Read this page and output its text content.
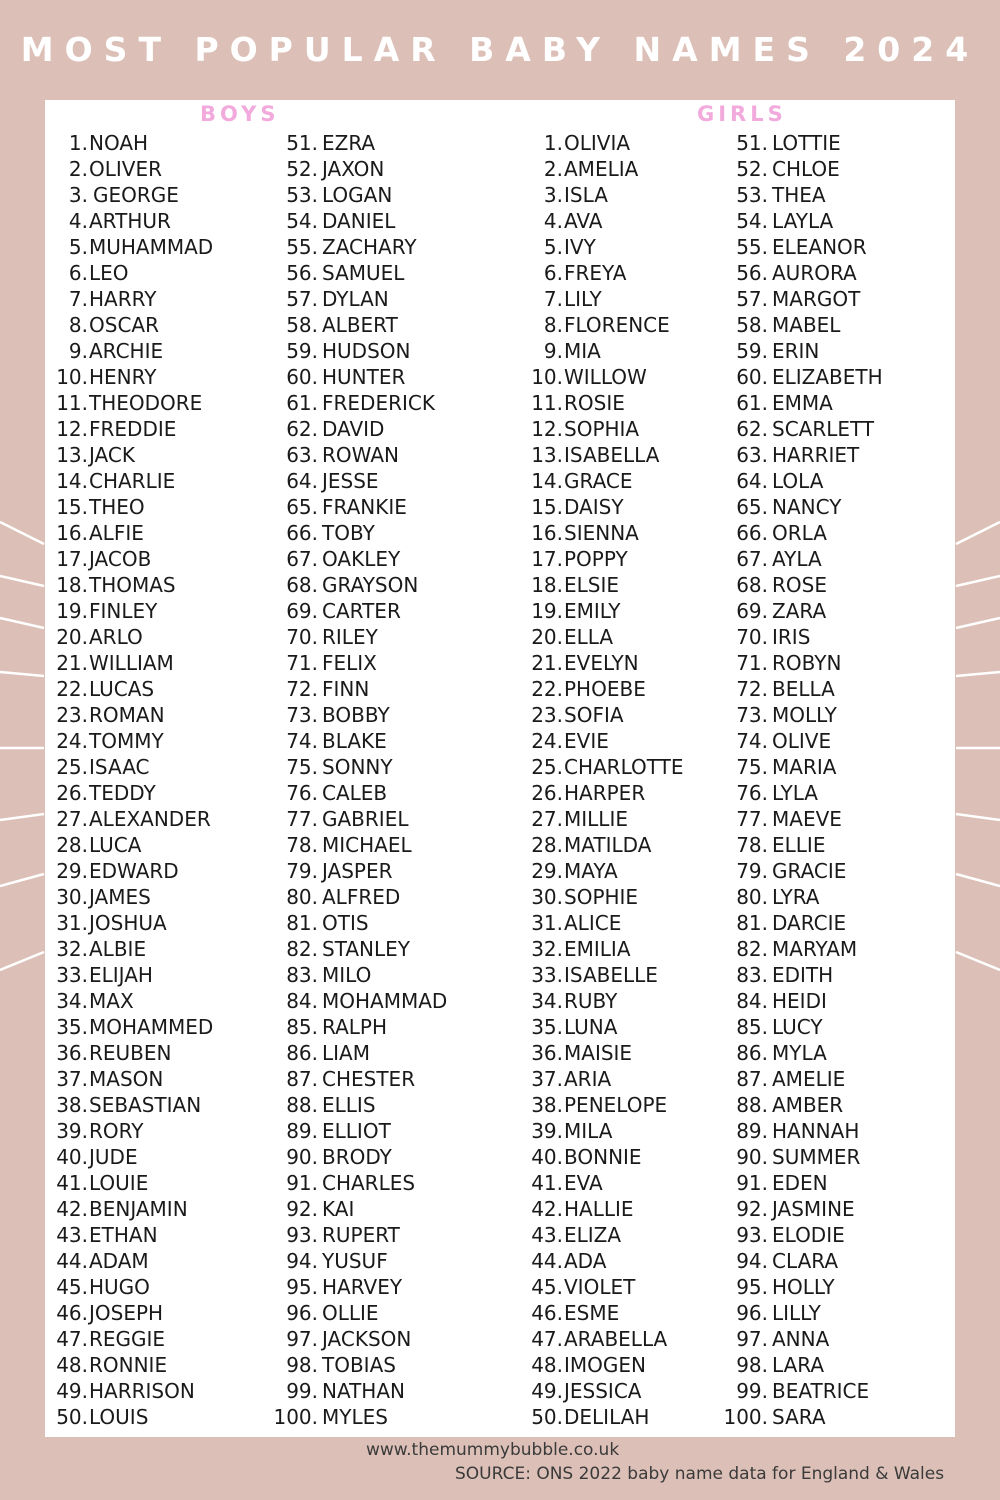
MOST POPULAR BABY NAMES 2024
BOYS	GIRLS
1. NOAH
2. OLIVER
3. GEORGE
4. ARTHUR
5. MUHAMMAD
6. LEO
7. HARRY
8. OSCAR
9. ARCHIE
10. HENRY
11. THEODORE
12. FREDDIE
13. JACK
14. CHARLIE
15. THEO
16. ALFIE
17. JACOB
18. THOMAS
19. FINLEY
20. ARLO
21. WILLIAM
22. LUCAS
23. ROMAN
24. TOMMY
25. ISAAC
26. TEDDY
27. ALEXANDER
28. LUCA
29. EDWARD
30. JAMES
31. JOSHUA
32. ALBIE
33. ELIJAH
34. MAX
35. MOHAMMED
36. REUBEN
37. MASON
38. SEBASTIAN
39. RORY
40. JUDE
41. LOUIE
42. BENJAMIN
43. ETHAN
44. ADAM
45. HUGO
46. JOSEPH
47. REGGIE
48. RONNIE
49. HARRISON
50. LOUIS
51. EZRA
52. JAXON
53. LOGAN
54. DANIEL
55. ZACHARY
56. SAMUEL
57. DYLAN
58. ALBERT
59. HUDSON
60. HUNTER
61. FREDERICK
62. DAVID
63. ROWAN
64. JESSE
65. FRANKIE
66. TOBY
67. OAKLEY
68. GRAYSON
69. CARTER
70. RILEY
71. FELIX
72. FINN
73. BOBBY
74. BLAKE
75. SONNY
76. CALEB
77. GABRIEL
78. MICHAEL
79. JASPER
80. ALFRED
81. OTIS
82. STANLEY
83. MILO
84. MOHAMMAD
85. RALPH
86. LIAM
87. CHESTER
88. ELLIS
89. ELLIOT
90. BRODY
91. CHARLES
92. KAI
93. RUPERT
94. YUSUF
95. HARVEY
96. OLLIE
97. JACKSON
98. TOBIAS
99. NATHAN
100. MYLES
1. OLIVIA
2. AMELIA
3. ISLA
4. AVA
5. IVY
6. FREYA
7. LILY
8. FLORENCE
9. MIA
10. WILLOW
11. ROSIE
12. SOPHIA
13. ISABELLA
14. GRACE
15. DAISY
16. SIENNA
17. POPPY
18. ELSIE
19. EMILY
20. ELLA
21. EVELYN
22. PHOEBE
23. SOFIA
24. EVIE
25. CHARLOTTE
26. HARPER
27. MILLIE
28. MATILDA
29. MAYA
30. SOPHIE
31. ALICE
32. EMILIA
33. ISABELLE
34. RUBY
35. LUNA
36. MAISIE
37. ARIA
38. PENELOPE
39. MILA
40. BONNIE
41. EVA
42. HALLIE
43. ELIZA
44. ADA
45. VIOLET
46. ESME
47. ARABELLA
48. IMOGEN
49. JESSICA
50. DELILAH
51. LOTTIE
52. CHLOE
53. THEA
54. LAYLA
55. ELEANOR
56. AURORA
57. MARGOT
58. MABEL
59. ERIN
60. ELIZABETH
61. EMMA
62. SCARLETT
63. HARRIET
64. LOLA
65. NANCY
66. ORLA
67. AYLA
68. ROSE
69. ZARA
70. IRIS
71. ROBYN
72. BELLA
73. MOLLY
74. OLIVE
75. MARIA
76. LYLA
77. MAEVE
78. ELLIE
79. GRACIE
80. LYRA
81. DARCIE
82. MARYAM
83. EDITH
84. HEIDI
85. LUCY
86. MYLA
87. AMELIE
88. AMBER
89. HANNAH
90. SUMMER
91. EDEN
92. JASMINE
93. ELODIE
94. CLARA
95. HOLLY
96. LILLY
97. ANNA
98. LARA
99. BEATRICE
100. SARA
www.themummybubble.co.uk
SOURCE: ONS 2022 baby name data for England & Wales
